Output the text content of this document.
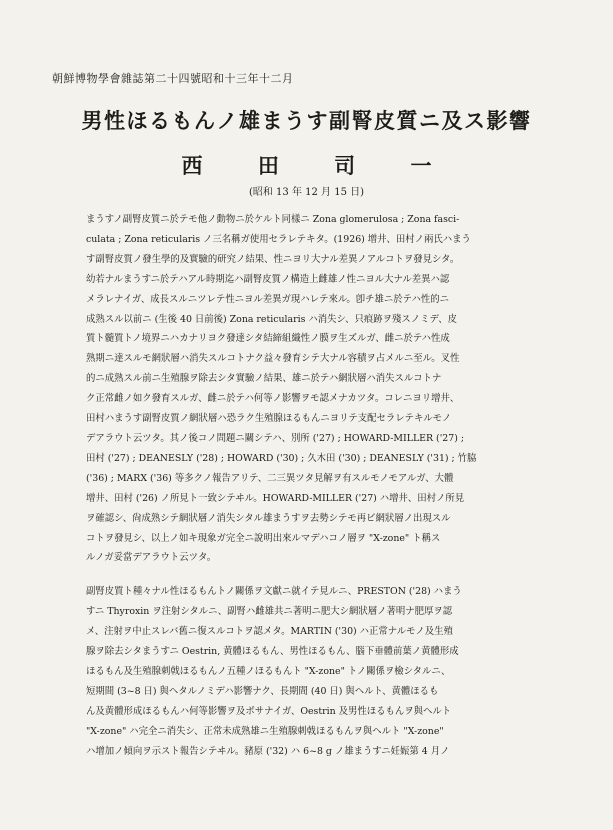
朝鮮博物學會雜誌第二十四號昭和十三年十二月
男性ほるもんノ雄まうす副腎皮質ニ及ス影響
西 田 司 一
(昭和 13 年 12 月 15 日)

まうすノ副腎皮質ニ於テモ他ノ動物ニ於ケルト同樣ニ Zona glomerulosa ; Zona fasci-

culata ; Zona reticularis ノ三名稱ガ使用セラレテキタ。(1926) 增井、田村ノ兩氏ハまう

す副腎皮質ノ發生學的及實驗的研究ノ結果、性ニヨリ大ナル差異ノアルコトヲ發見シタ。

幼若ナルまうすニ於テハアル時期迄ハ副腎皮質ノ構造上雌雄ノ性ニヨル大ナル差異ハ認

メラレナイガ、成長スルニツレテ性ニヨル差異ガ現ハレテ來ル。卽チ雄ニ於テハ性的ニ

成熟スル以前ニ (生後 40 日前後) Zona reticularis ハ消失シ、只痕跡ヲ殘スノミデ、皮

質ト髓質トノ境界ニハカナリヨク發達シタ結締組織性ノ膜ヲ生ズルガ、雌ニ於テハ性成

熟期ニ達スルモ網狀層ハ消失スルコトナク益々發育シテ大ナル容積ヲ占メルニ至ル。叉性

的ニ成熟スル前ニ生殖腺ヲ除去シタ實驗ノ結果、雄ニ於テハ網狀層ハ消失スルコトナ

ク正常雌ノ如ク發育スルガ、雌ニ於テハ何等ノ影響ヲモ認メナカツタ。コレニヨリ增井、

田村ハまうす副腎皮質ノ網狀層ハ恐ラク生殖腺ほるもんニヨリテ支配セラレテキルモノ

デアラウト云ツタ。其ノ後コノ問題ニ關シテハ、別所 ('27) ; HOWARD-MILLER ('27) ;

田村 ('27) ; DEANESLY ('28) ; HOWARD ('30) ; 久木田 ('30) ; DEANESLY ('31) ; 竹脇

('36) ; MARX ('36) 等多クノ報告アリテ、二三異ツタ見解ヲ有スルモノモアルガ、大體

增井、田村 ('26) ノ所見ト一致シテヰル。HOWARD-MILLER ('27) ハ增井、田村ノ所見

ヲ確認シ、尙成熟シテ網狀層ノ消失シタル雄まうすヲ去勢シテモ再ビ網狀層ノ出現スル

コトヲ發見シ、以上ノ如キ現象ガ完全ニ說明出來ルマデハコノ層ヲ "X-zone" ト稱ス

ルノガ妥當デアラウト云ツタ。

副腎皮質ト種々ナル性ほるもんトノ關係ヲ文獻ニ就イテ見ルニ、PRESTON ('28) ハまう

すニ Thyroxin ヲ注射シタルニ、副腎ハ雌雄共ニ著明ニ肥大シ網狀層ノ著明ナ肥厚ヲ認

メ、注射ヲ中止スレバ舊ニ復スルコトヲ認メタ。MARTIN ('30) ハ正常ナルモノ及生殖

腺ヲ除去シタまうすニ Oestrin, 黄體ほるもん、男性ほるもん、腦下垂體前葉ノ黄體形成

ほるもん及生殖腺刺戟ほるもんノ五種ノほるもんト "X-zone" トノ關係ヲ檢シタルニ、

短期間 (3~8 日) 與ヘタルノミデハ影響ナク、長期間 (40 日) 與ヘルト、黄體ほるも

ん及黄體形成ほるもんハ何等影響ヲ及ボサナイガ、Oestrin 及男性ほるもんヲ與ヘルト

"X-zone" ハ完全ニ消失シ、正常未成熟雄ニ生殖腺刺戟ほるもんヲ與ヘルト "X-zone"

ハ增加ノ傾向ヲ示スト報告シテヰル。豬原 ('32) ハ 6~8 g ノ雄まうすニ妊娠第 4 月ノ
